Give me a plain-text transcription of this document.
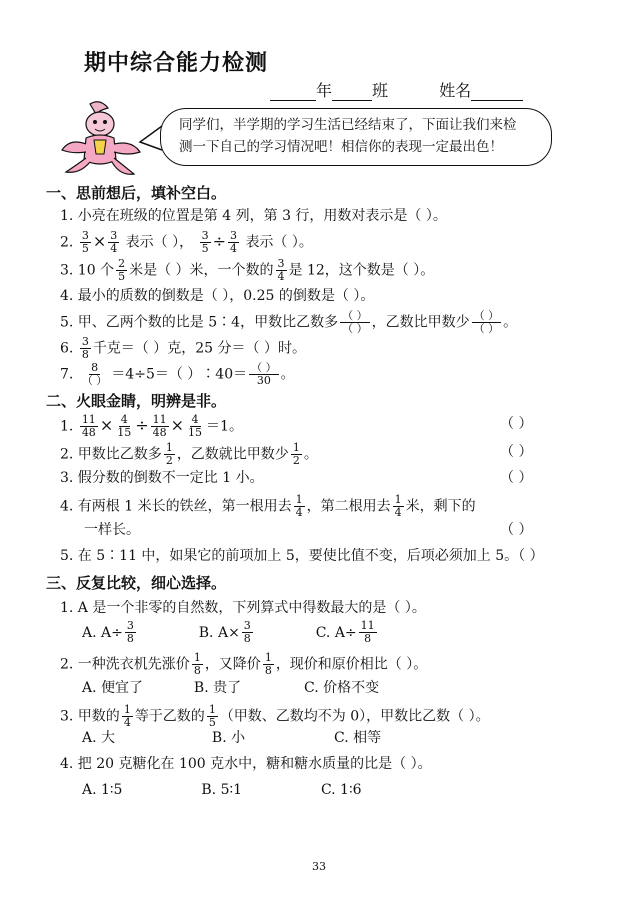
期中综合能力检测
年	班	姓名
同学们，半学期的学习生活已经结束了，下面让我们来检
测一下自己的学习情况吧！相信你的表现一定最出色！
一、思前想后，填补空白。
1. 小亮在班级的位置是第 4 列，第 3 行，用数对表示是（ ）。
2. $\frac{3}{5} \times \frac{3}{4}$ 表示（ ）， $\frac{3}{5} \div \frac{3}{4}$ 表示（ ）。
3. 10 个 $\frac{2}{5}$ 米是（ ）米，一个数的 $\frac{3}{4}$ 是 12，这个数是（ ）。
4. 最小的质数的倒数是（ ），0.25 的倒数是（ ）。
5. 甲、乙两个数的比是 5∶4，甲数比乙数多 $\frac{( )}{( )}$ ，乙数比甲数少 $\frac{( )}{( )}$ 。
6. $\frac{3}{8}$ 千克＝（ ）克，25 分＝（ ）时。
7. $\frac{8}{( )} =4\div 5=$（ ）∶40＝ $\frac{( )}{30}$ 。
二、火眼金睛，明辨是非。
1. $\frac{11}{48} \times \frac{4}{15} \div \frac{11}{48} \times \frac{4}{15} =1$。	（ ）
2. 甲数比乙数多 $\frac{1}{2}$ ，乙数就比甲数少 $\frac{1}{2}$ 。	（ ）
3. 假分数的倒数不一定比 1 小。	（ ）
4. 有两根 1 米长的铁丝，第一根用去 $\frac{1}{4}$ ，第二根用去 $\frac{1}{4}$ 米，剩下的
一样长。	（ ）
5. 在 5∶11 中，如果它的前项加上 5，要使比值不变，后项必须加上 5。（ ）
三、反复比较，细心选择。
1. A 是一个非零的自然数，下列算式中得数最大的是（ ）。
A. $A\div \frac{3}{8}$	B. $A\times \frac{3}{8}$	C. $A\div \frac{11}{8}$
2. 一种洗衣机先涨价 $\frac{1}{8}$ ，又降价 $\frac{1}{8}$ ，现价和原价相比（ ）。
A. 便宜了	B. 贵了	C. 价格不变
3. 甲数的 $\frac{1}{4}$ 等于乙数的 $\frac{1}{5}$ （甲数、乙数均不为 0），甲数比乙数（ ）。
A. 大	B. 小	C. 相等
4. 把 20 克糖化在 100 克水中，糖和糖水质量的比是（ ）。
A. 1∶5	B. 5∶1	C. 1∶6
33
